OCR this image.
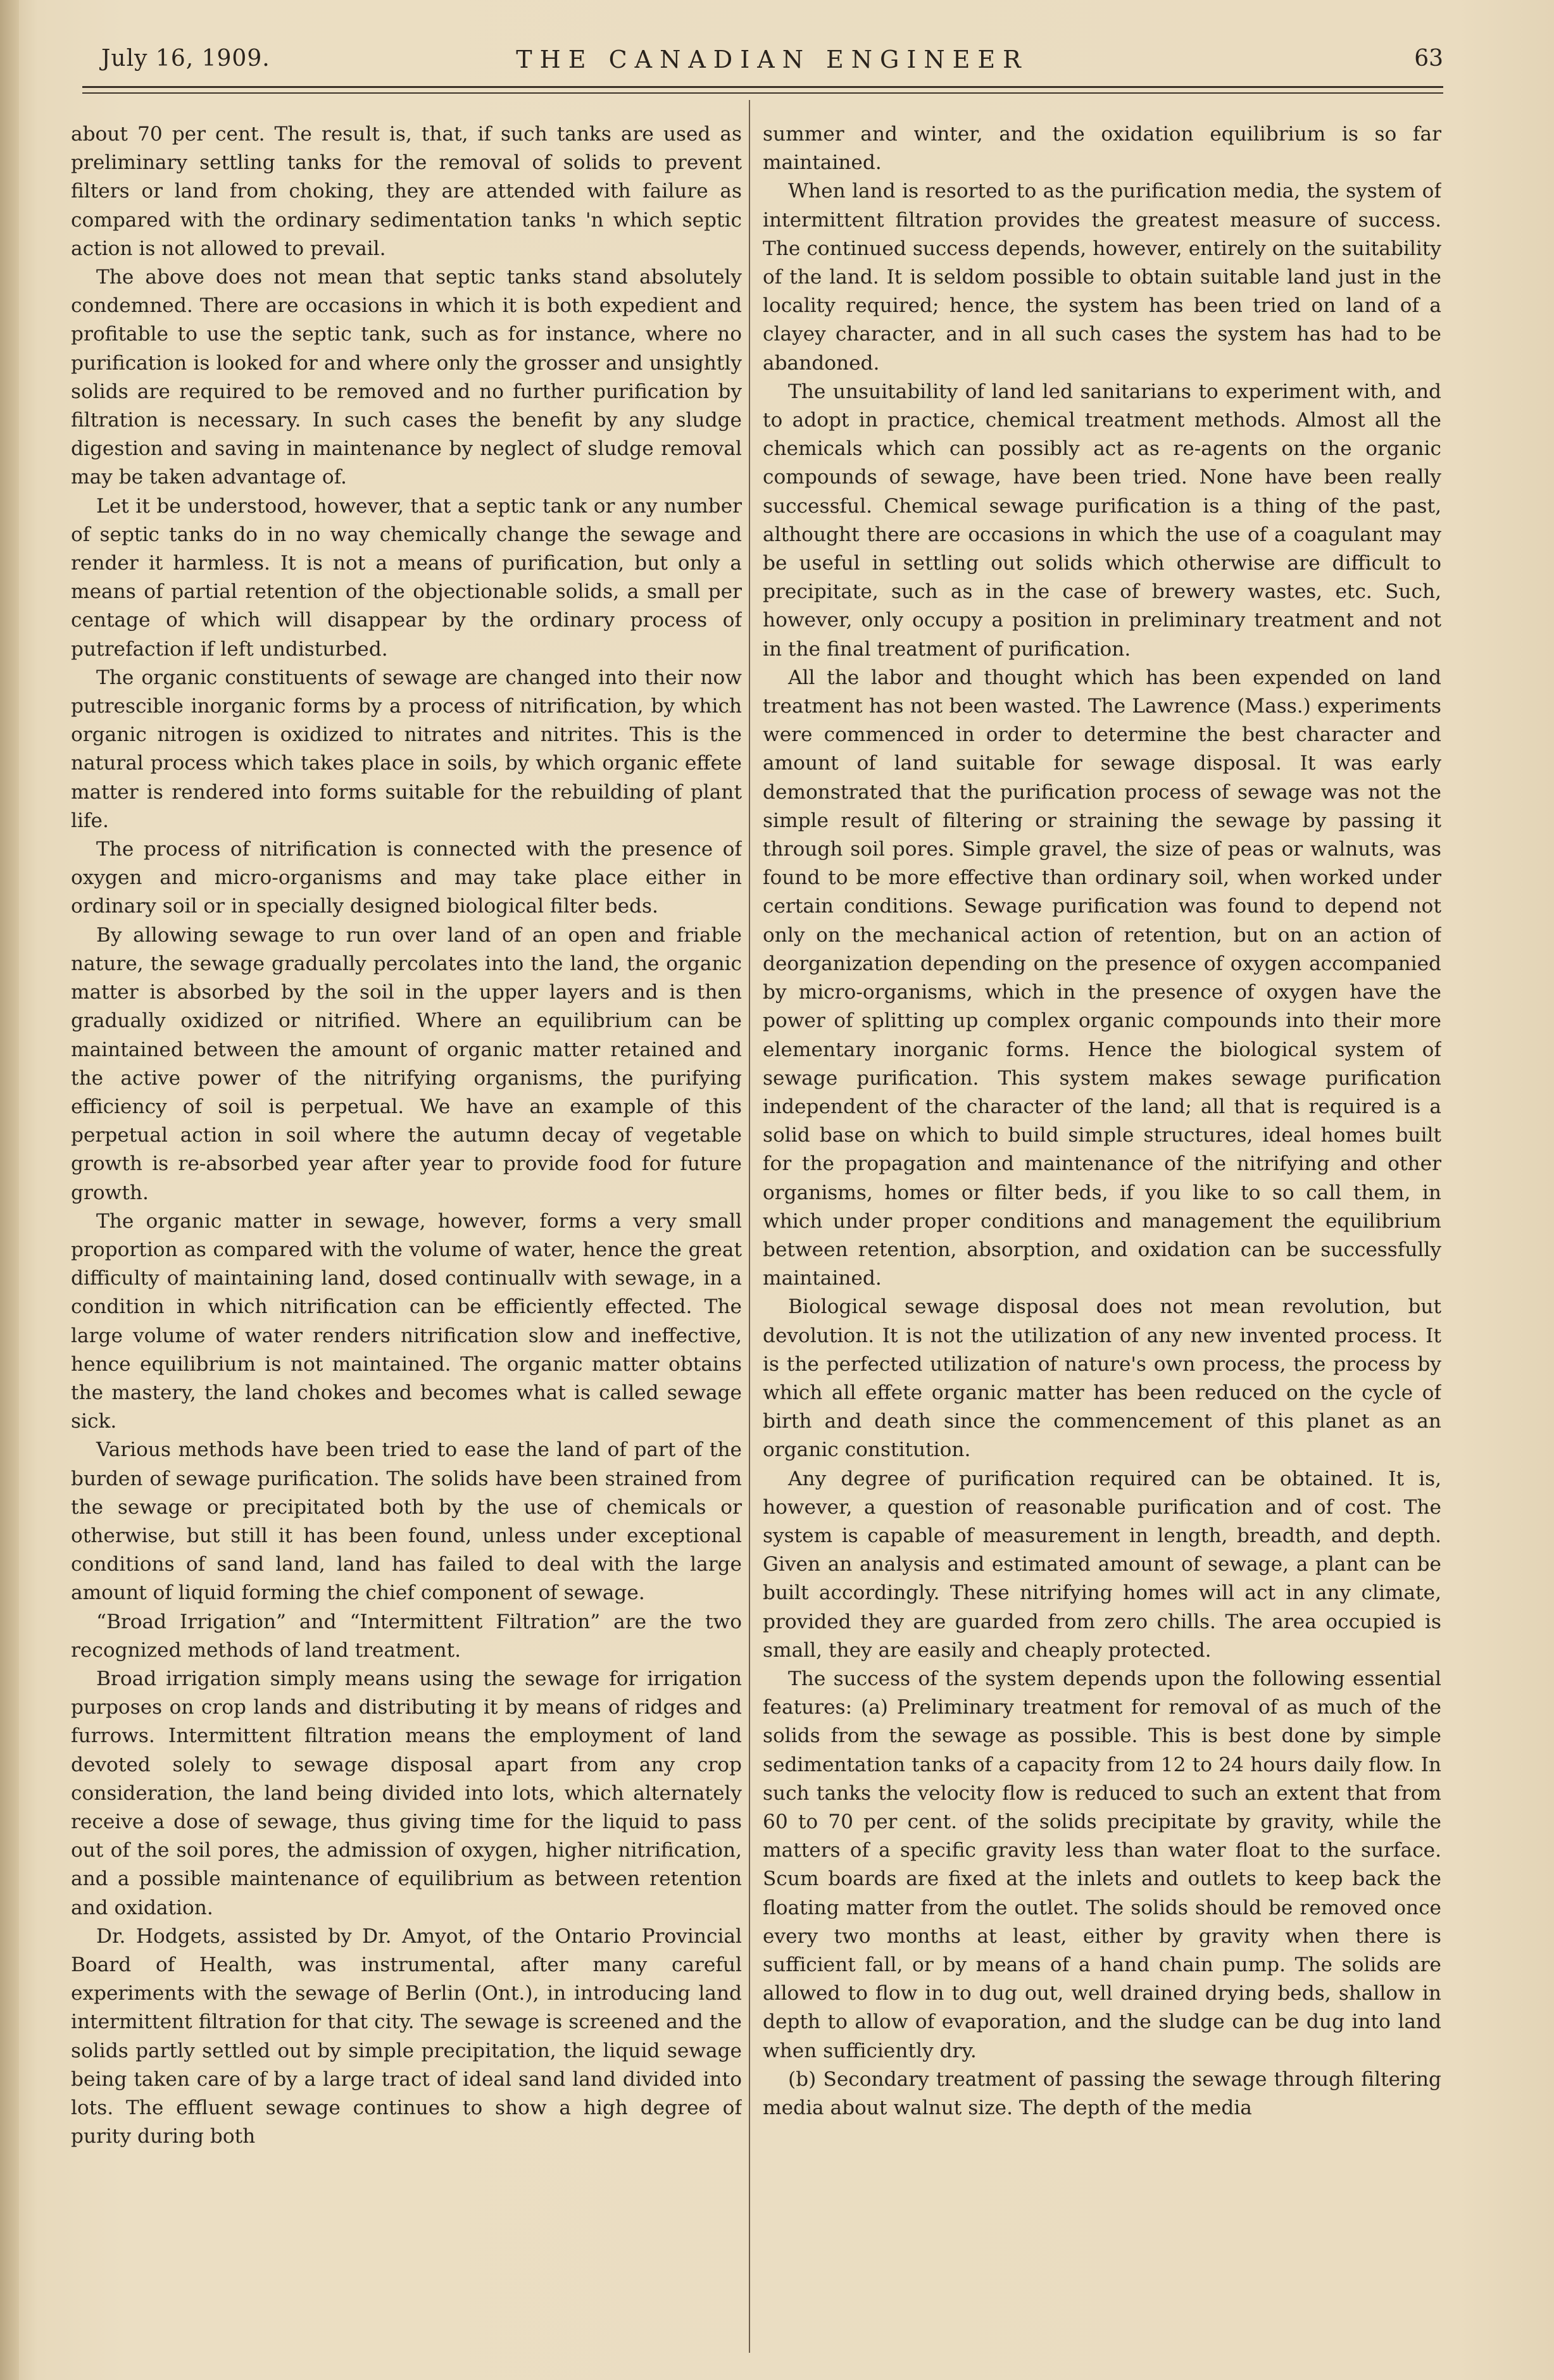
July 16, 1909.	THE CANADIAN ENGINEER	63

about 70 per cent. The result is, that, if such tanks are used as preliminary settling tanks for the removal of solids to prevent filters or land from choking, they are attended with failure as compared with the ordinary sedimentation tanks 'n which septic action is not allowed to prevail.

The above does not mean that septic tanks stand absolutely condemned. There are occasions in which it is both expedient and profitable to use the septic tank, such as for instance, where no purification is looked for and where only the grosser and unsightly solids are required to be removed and no further purification by filtration is necessary. In such cases the benefit by any sludge digestion and saving in maintenance by neglect of sludge removal may be taken advantage of.

Let it be understood, however, that a septic tank or any number of septic tanks do in no way chemically change the sewage and render it harmless. It is not a means of purification, but only a means of partial retention of the objectionable solids, a small per centage of which will disappear by the ordinary process of putrefaction if left undisturbed.

The organic constituents of sewage are changed into their now putrescible inorganic forms by a process of nitrification, by which organic nitrogen is oxidized to nitrates and nitrites. This is the natural process which takes place in soils, by which organic effete matter is rendered into forms suitable for the rebuilding of plant life.

The process of nitrification is connected with the presence of oxygen and micro-organisms and may take place either in ordinary soil or in specially designed biological filter beds.

By allowing sewage to run over land of an open and friable nature, the sewage gradually percolates into the land, the organic matter is absorbed by the soil in the upper layers and is then gradually oxidized or nitrified. Where an equilibrium can be maintained between the amount of organic matter retained and the active power of the nitrifying organisms, the purifying efficiency of soil is perpetual. We have an example of this perpetual action in soil where the autumn decay of vegetable growth is re-absorbed year after year to provide food for future growth.

The organic matter in sewage, however, forms a very small proportion as compared with the volume of water, hence the great difficulty of maintaining land, dosed continuallv with sewage, in a condition in which nitrification can be efficiently effected. The large volume of water renders nitrification slow and ineffective, hence equilibrium is not maintained. The organic matter obtains the mastery, the land chokes and becomes what is called sewage sick.

Various methods have been tried to ease the land of part of the burden of sewage purification. The solids have been strained from the sewage or precipitated both by the use of chemicals or otherwise, but still it has been found, unless under exceptional conditions of sand land, land has failed to deal with the large amount of liquid forming the chief component of sewage.

“Broad Irrigation” and “Intermittent Filtration” are the two recognized methods of land treatment.

Broad irrigation simply means using the sewage for irrigation purposes on crop lands and distributing it by means of ridges and furrows. Intermittent filtration means the employment of land devoted solely to sewage disposal apart from any crop consideration, the land being divided into lots, which alternately receive a dose of sewage, thus giving time for the liquid to pass out of the soil pores, the admission of oxygen, higher nitrification, and a possible maintenance of equilibrium as between retention and oxidation.

Dr. Hodgets, assisted by Dr. Amyot, of the Ontario Provincial Board of Health, was instrumental, after many careful experiments with the sewage of Berlin (Ont.), in introducing land intermittent filtration for that city. The sewage is screened and the solids partly settled out by simple precipitation, the liquid sewage being taken care of by a large tract of ideal sand land divided into lots. The effluent sewage continues to show a high degree of purity during both

summer and winter, and the oxidation equilibrium is so far maintained.

When land is resorted to as the purification media, the system of intermittent filtration provides the greatest measure of success. The continued success depends, however, entirely on the suitability of the land. It is seldom possible to obtain suitable land just in the locality required; hence, the system has been tried on land of a clayey character, and in all such cases the system has had to be abandoned.

The unsuitability of land led sanitarians to experiment with, and to adopt in practice, chemical treatment methods. Almost all the chemicals which can possibly act as re-agents on the organic compounds of sewage, have been tried. None have been really successful. Chemical sewage purification is a thing of the past, althought there are occasions in which the use of a coagulant may be useful in settling out solids which otherwise are difficult to precipitate, such as in the case of brewery wastes, etc. Such, however, only occupy a position in preliminary treatment and not in the final treatment of purification.

All the labor and thought which has been expended on land treatment has not been wasted. The Lawrence (Mass.) experiments were commenced in order to determine the best character and amount of land suitable for sewage disposal. It was early demonstrated that the purification process of sewage was not the simple result of filtering or straining the sewage by passing it through soil pores. Simple gravel, the size of peas or walnuts, was found to be more effective than ordinary soil, when worked under certain conditions. Sewage purification was found to depend not only on the mechanical action of retention, but on an action of deorganization depending on the presence of oxygen accompanied by micro-organisms, which in the presence of oxygen have the power of splitting up complex organic compounds into their more elementary inorganic forms. Hence the biological system of sewage purification. This system makes sewage purification independent of the character of the land; all that is required is a solid base on which to build simple structures, ideal homes built for the propagation and maintenance of the nitrifying and other organisms, homes or filter beds, if you like to so call them, in which under proper conditions and management the equilibrium between retention, absorption, and oxidation can be successfully maintained.

Biological sewage disposal does not mean revolution, but devolution. It is not the utilization of any new invented process. It is the perfected utilization of nature's own process, the process by which all effete organic matter has been reduced on the cycle of birth and death since the commencement of this planet as an organic constitution.

Any degree of purification required can be obtained. It is, however, a question of reasonable purification and of cost. The system is capable of measurement in length, breadth, and depth. Given an analysis and estimated amount of sewage, a plant can be built accordingly. These nitrifying homes will act in any climate, provided they are guarded from zero chills. The area occupied is small, they are easily and cheaply protected.

The success of the system depends upon the following essential features: (a) Preliminary treatment for removal of as much of the solids from the sewage as possible. This is best done by simple sedimentation tanks of a capacity from 12 to 24 hours daily flow. In such tanks the velocity flow is reduced to such an extent that from 60 to 70 per cent. of the solids precipitate by gravity, while the matters of a specific gravity less than water float to the surface. Scum boards are fixed at the inlets and outlets to keep back the floating matter from the outlet. The solids should be removed once every two months at least, either by gravity when there is sufficient fall, or by means of a hand chain pump. The solids are allowed to flow in to dug out, well drained drying beds, shallow in depth to allow of evaporation, and the sludge can be dug into land when sufficiently dry.

(b) Secondary treatment of passing the sewage through filtering media about walnut size. The depth of the media
